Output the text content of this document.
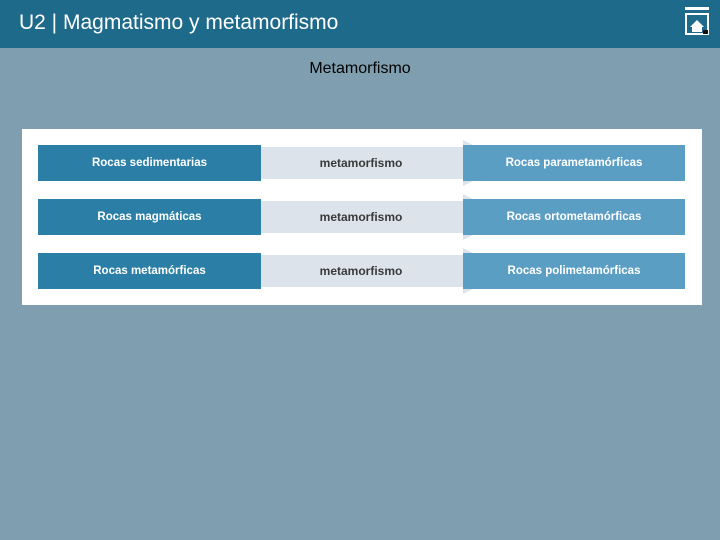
U2 | Magmatismo y metamorfismo
Metamorfismo
Rocas sedimentarias	metamorfismo	Rocas parametamórficas
Rocas magmáticas	metamorfismo	Rocas ortometamórficas
Rocas metamórficas	metamorfismo	Rocas polimetamórficas
